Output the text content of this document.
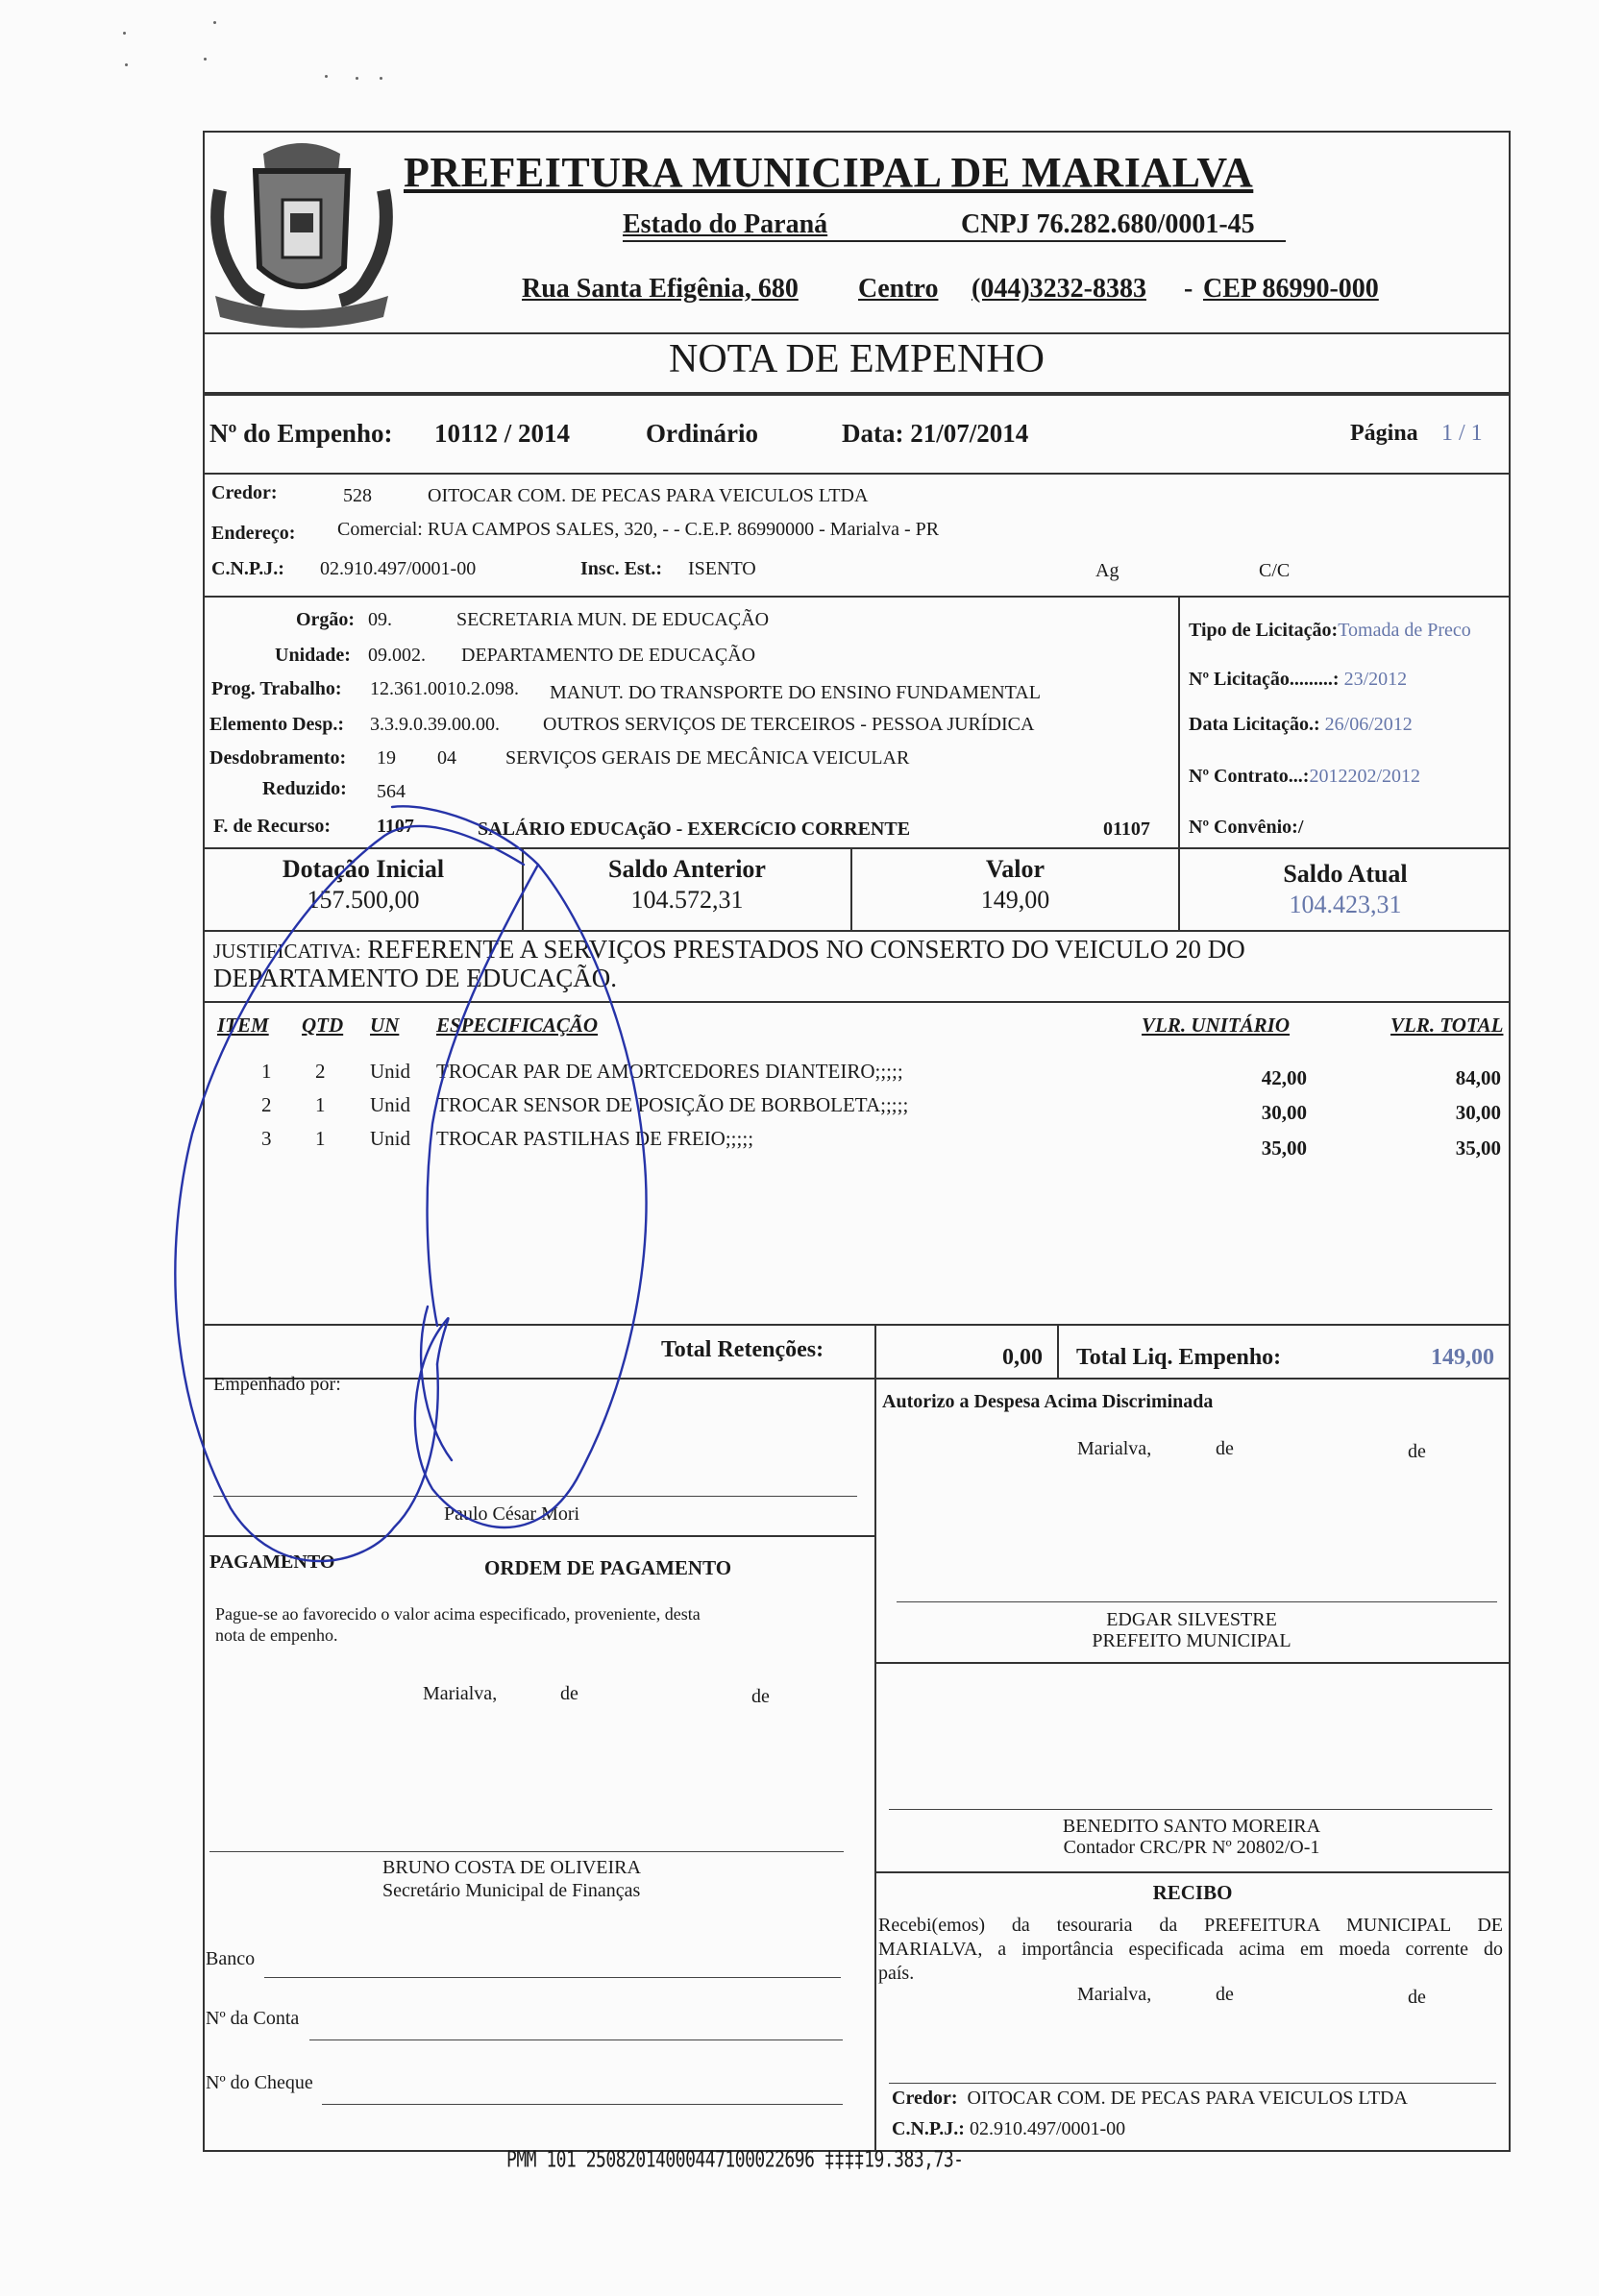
PREFEITURA MUNICIPAL DE MARIALVA
Estado do Paraná	CNPJ 76.282.680/0001-45
Rua Santa Efigênia, 680 Centro (044)3232-8383 - CEP 86990-000
NOTA DE EMPENHO
Nº do Empenho: 10112 / 2014	Ordinário	Data: 21/07/2014	Página 1 / 1
Credor:	528	OITOCAR COM. DE PECAS PARA VEICULOS LTDA
Endereço: Comercial: RUA CAMPOS SALES, 320, - - C.E.P. 86990000 - Marialva - PR
C.N.P.J.: 02.910.497/0001-00	Insc. Est.: ISENTO	Ag	C/C
Orgão: 09.	SECRETARIA MUN. DE EDUCAÇÃO
Unidade: 09.002. DEPARTAMENTO DE EDUCAÇÃO
Prog. Trabalho: 12.361.0010.2.098. MANUT. DO TRANSPORTE DO ENSINO FUNDAMENTAL
Elemento Desp.: 3.3.9.0.39.00.00. OUTROS SERVIÇOS DE TERCEIROS - PESSOA JURÍDICA
Desdobramento: 19 04	SERVIÇOS GERAIS DE MECÂNICA VEICULAR
Reduzido: 564
F. de Recurso: 1107	SALÁRIO EDUCAçãO - EXERCíCIO CORRENTE	01107
Tipo de Licitação:Tomada de Preco
Nº Licitação.........: 23/2012
Data Licitação.: 26/06/2012
Nº Contrato...:2012202/2012
Nº Convênio:/
Dotação Inicial
157.500,00
Saldo Anterior
104.572,31
Valor
149,00
Saldo Atual
104.423,31
JUSTIFICATIVA: REFERENTE A SERVIÇOS PRESTADOS NO CONSERTO DO VEICULO 20 DO
DEPARTAMENTO DE EDUCAÇÃO.
ITEM QTD UN ESPECIFICAÇÃO	VLR. UNITÁRIO	VLR. TOTAL
1 2 Unid TROCAR PAR DE AMORTCEDORES DIANTEIRO;;;;;	42,00	84,00
2 1 Unid TROCAR SENSOR DE POSIÇÃO DE BORBOLETA;;;;;	30,00	30,00
3 1 Unid TROCAR PASTILHAS DE FREIO;;;;;	35,00	35,00
Total Retenções:	0,00 Total Liq. Empenho:	149,00
Empenhado por:
Paulo César Mori
Autorizo a Despesa Acima Discriminada
Marialva,	de	de
EDGAR SILVESTRE
PREFEITO MUNICIPAL
PAGAMENTO	ORDEM DE PAGAMENTO
Pague-se ao favorecido o valor acima especificado, proveniente, desta
nota de empenho.
Marialva,	de	de
BENEDITO SANTO MOREIRA
Contador CRC/PR Nº 20802/O-1
BRUNO COSTA DE OLIVEIRA
Secretário Municipal de Finanças	RECIBO
Recebi(emos) da tesouraria da PREFEITURA MUNICIPAL DE
MARIALVA, a importância especificada acima em moeda corrente do
país.
Marialva,	de	de
Banco
Nº da Conta
Nº do Cheque
Credor: OITOCAR COM. DE PECAS PARA VEICULOS LTDA
C.N.P.J.: 02.910.497/0001-00
PMM 101 25082014000447100022696 ‡‡‡‡19.383,73-
